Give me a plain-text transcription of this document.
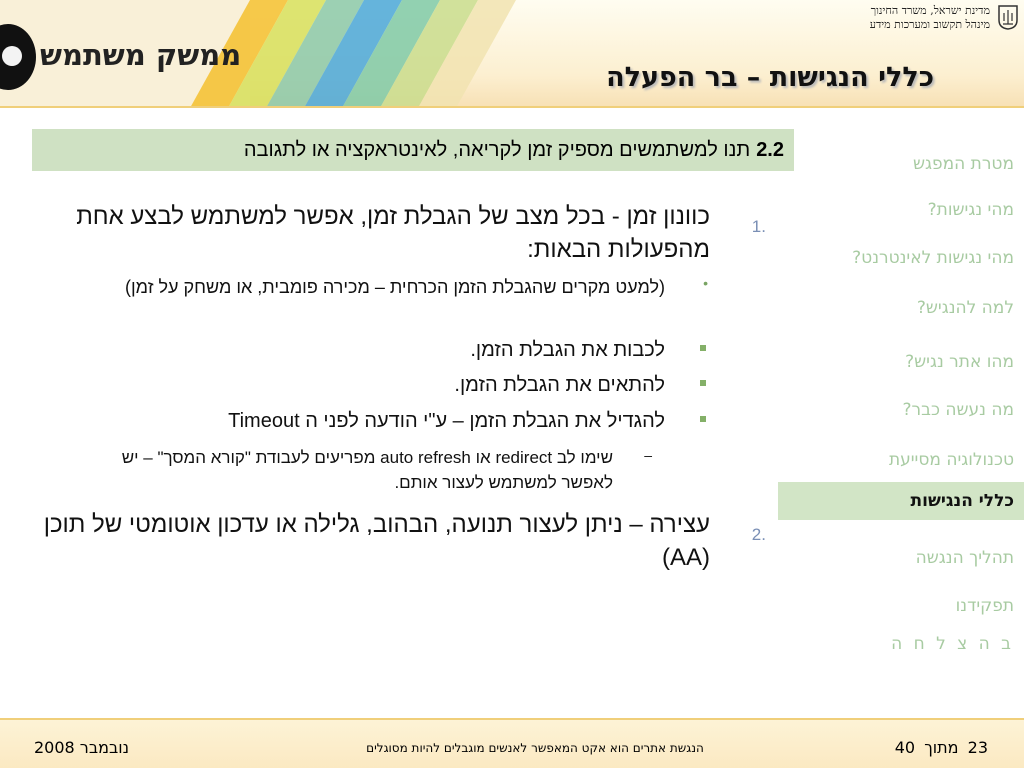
ממשק משתמש
מדינת ישראל, משרד החינוך
מינהל תקשוב ומערכות מידע
כללי הנגישות – בר הפעלה
2.2
תנו למשתמשים מספיק זמן לקריאה, לאינטראקציה או לתגובה
מטרת המפגש
מהי נגישות?
מהי נגישות לאינטרנט?
למה להנגיש?
מהו אתר נגיש?
מה נעשה כבר?
טכנולוגיה מסייעת
כללי הנגישות
תהליך הנגשה
תפקידנו
ב ה צ ל ח ה
.1
כוונון זמן - בכל מצב של הגבלת זמן, אפשר למשתמש לבצע אחת מהפעולות הבאות:
•
(למעט מקרים שהגבלת הזמן הכרחית – מכירה פומבית, או משחק על זמן)
לכבות את הגבלת הזמן.
להתאים את הגבלת הזמן.
להגדיל את הגבלת הזמן – ע"י הודעה לפני ה Timeout
–
שימו לב redirect או auto refresh מפריעים לעבודת "קורא המסך" – יש לאפשר למשתמש לעצור אותם.
.2
עצירה – ניתן לעצור תנועה, הבהוב, גלילה או עדכון אוטומטי של תוכן (AA)
נובמבר 2008	הנגשת אתרים הוא אקט המאפשר לאנשים מוגבלים להיות מסוגלים	23 מתוך 40
